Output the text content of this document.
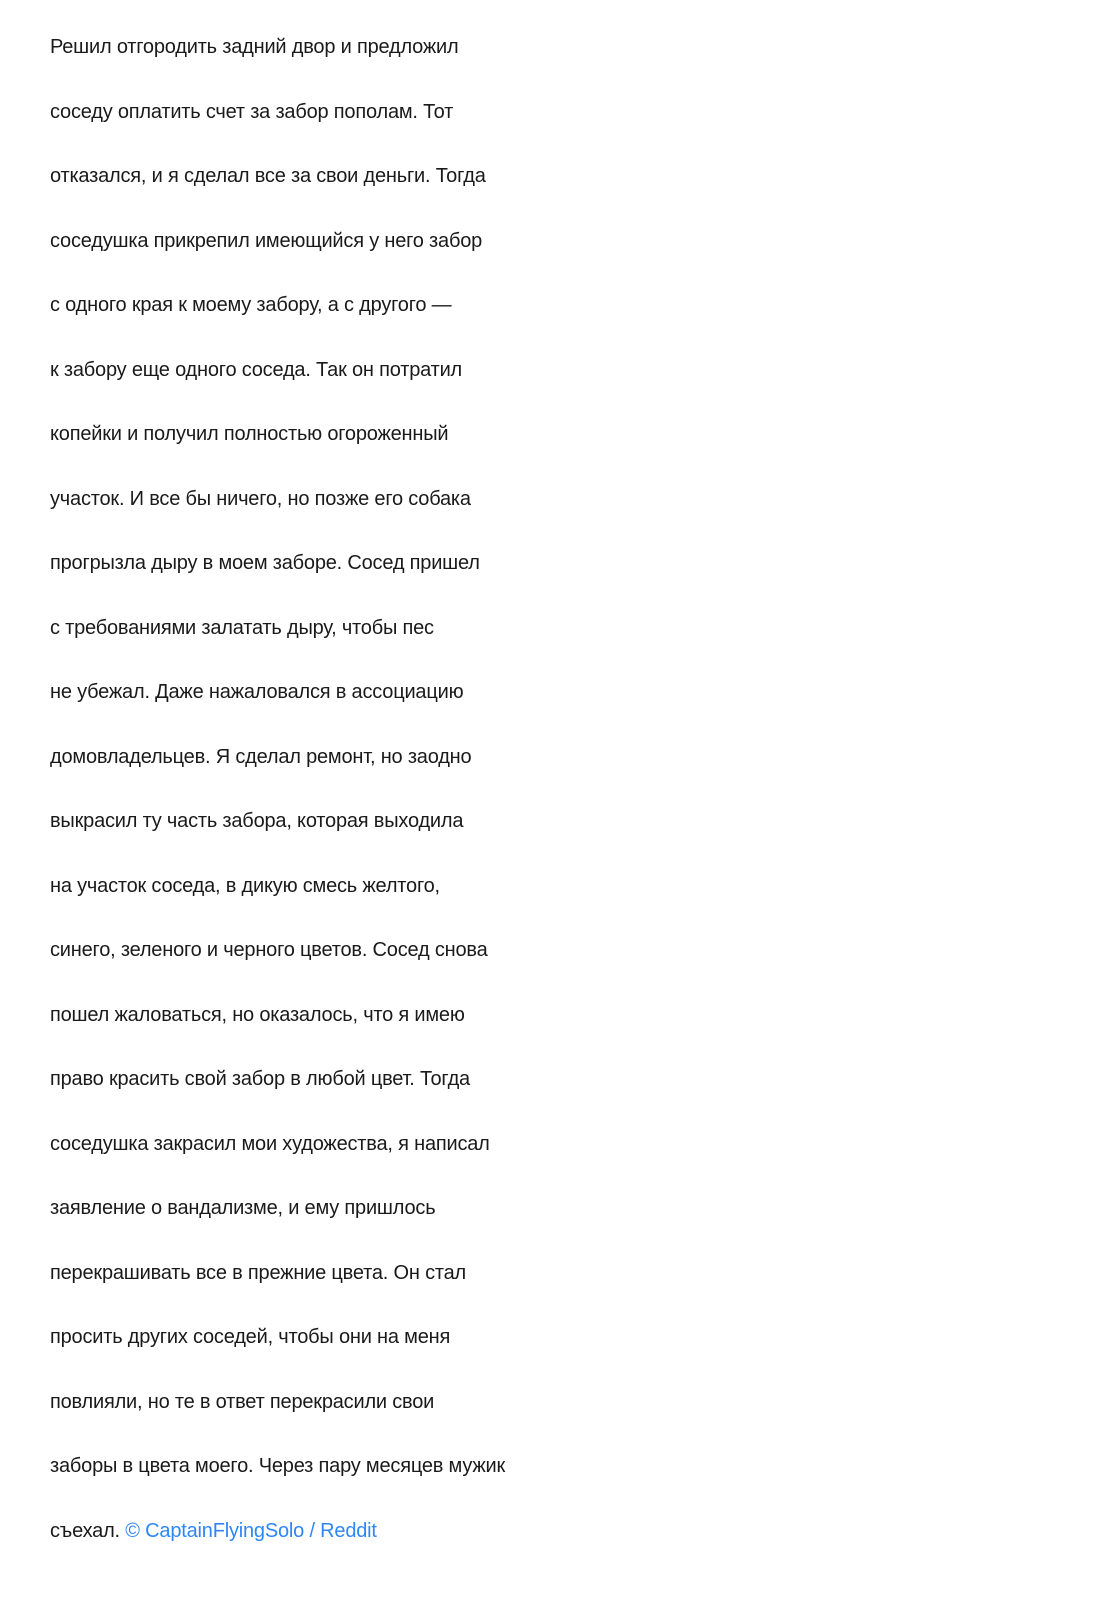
Решил отгородить задний двор и предложил
соседу оплатить счет за забор пополам. Тот
отказался, и я сделал все за свои деньги. Тогда
соседушка прикрепил имеющийся у него забор
с одного края к моему забору, а с другого —
к забору еще одного соседа. Так он потратил
копейки и получил полностью огороженный
участок. И все бы ничего, но позже его собака
прогрызла дыру в моем заборе. Сосед пришел
с требованиями залатать дыру, чтобы пес
не убежал. Даже нажаловался в ассоциацию
домовладельцев. Я сделал ремонт, но заодно
выкрасил ту часть забора, которая выходила
на участок соседа, в дикую смесь желтого,
синего, зеленого и черного цветов. Сосед снова
пошел жаловаться, но оказалось, что я имею
право красить свой забор в любой цвет. Тогда
соседушка закрасил мои художества, я написал
заявление о вандализме, и ему пришлось
перекрашивать все в прежние цвета. Он стал
просить других соседей, чтобы они на меня
повлияли, но те в ответ перекрасили свои
заборы в цвета моего. Через пару месяцев мужик
съехал. © CaptainFlyingSolo / Reddit
